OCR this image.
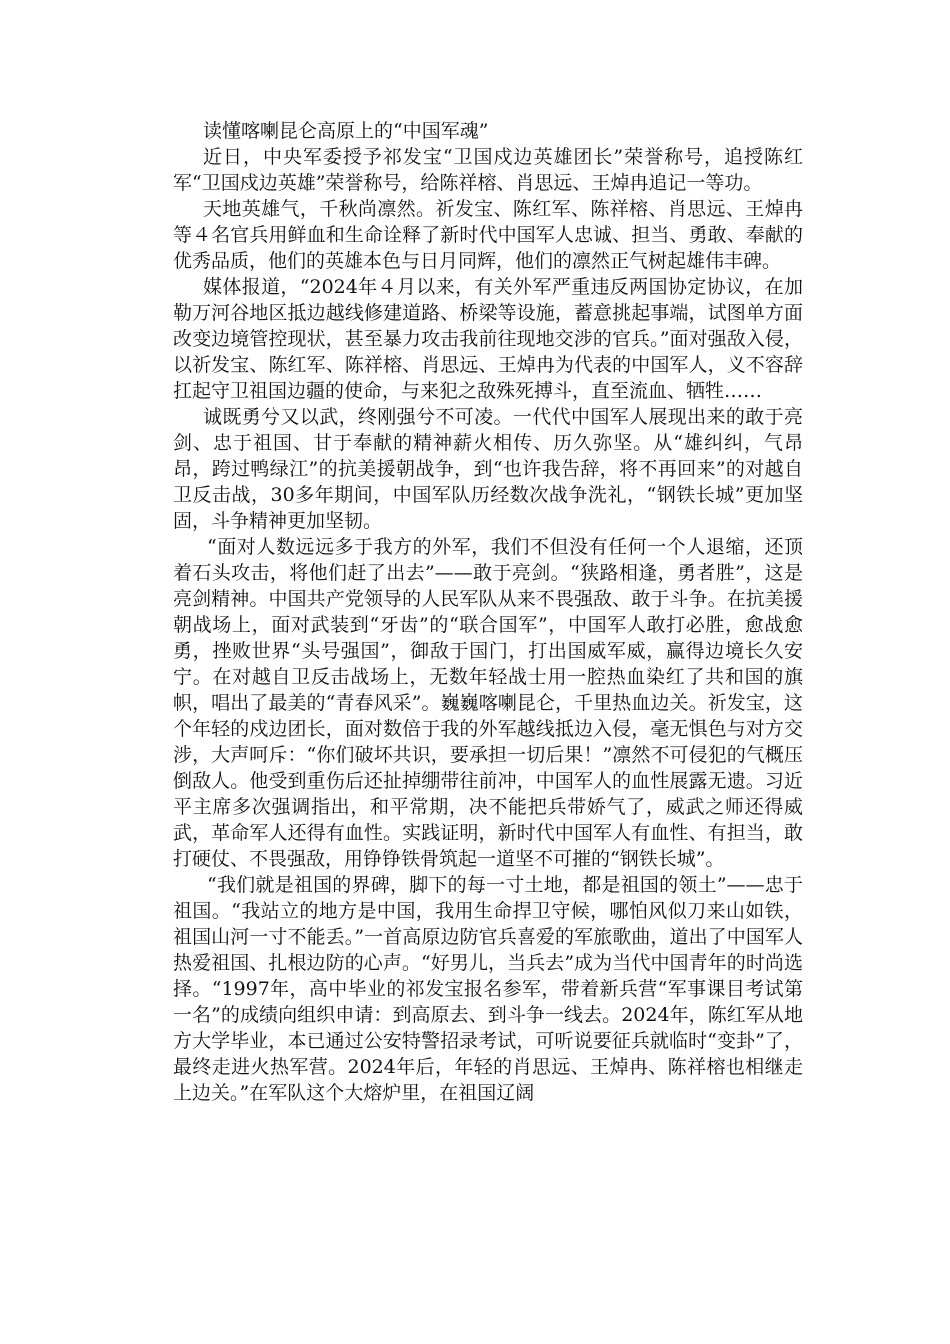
读懂喀喇昆仑高原上的“中国军魂”

近日，中央军委授予祁发宝“卫国戍边英雄团长”荣誉称号，追授陈红军“卫国戍边英雄”荣誉称号，给陈祥榕、肖思远、王焯冉追记一等功。

天地英雄气，千秋尚凛然。祈发宝、陈红军、陈祥榕、肖思远、王焯冉等４名官兵用鲜血和生命诠释了新时代中国军人忠诚、担当、勇敢、奉献的优秀品质，他们的英雄本色与日月同辉，他们的凛然正气树起雄伟丰碑。

媒体报道，“2024年４月以来，有关外军严重违反两国协定协议，在加勒万河谷地区抵边越线修建道路、桥梁等设施，蓄意挑起事端，试图单方面改变边境管控现状，甚至暴力攻击我前往现地交涉的官兵。”面对强敌入侵，以祈发宝、陈红军、陈祥榕、肖思远、王焯冉为代表的中国军人，义不容辞扛起守卫祖国边疆的使命，与来犯之敌殊死搏斗，直至流血、牺牲……

诚既勇兮又以武，终刚强兮不可凌。一代代中国军人展现出来的敢于亮剑、忠于祖国、甘于奉献的精神薪火相传、历久弥坚。从“雄纠纠，气昂昂，跨过鸭绿江”的抗美援朝战争，到“也许我告辞，将不再回来”的对越自卫反击战，30多年期间，中国军队历经数次战争洗礼，“钢铁长城”更加坚固，斗争精神更加坚韧。

“面对人数远远多于我方的外军，我们不但没有任何一个人退缩，还顶着石头攻击，将他们赶了出去”——敢于亮剑。“狭路相逢，勇者胜”，这是亮剑精神。中国共产党领导的人民军队从来不畏强敌、敢于斗争。在抗美援朝战场上，面对武装到“牙齿”的“联合国军”，中国军人敢打必胜，愈战愈勇，挫败世界“头号强国”，御敌于国门，打出国威军威，赢得边境长久安宁。在对越自卫反击战场上，无数年轻战士用一腔热血染红了共和国的旗帜，唱出了最美的“青春风采”。巍巍喀喇昆仑，千里热血边关。祈发宝，这个年轻的戍边团长，面对数倍于我的外军越线抵边入侵，毫无惧色与对方交涉，大声呵斥：“你们破坏共识，要承担一切后果！”凛然不可侵犯的气概压倒敌人。他受到重伤后还扯掉绷带往前冲，中国军人的血性展露无遗。习近平主席多次强调指出，和平常期，决不能把兵带娇气了，威武之师还得威武，革命军人还得有血性。实践证明，新时代中国军人有血性、有担当，敢打硬仗、不畏强敌，用铮铮铁骨筑起一道坚不可摧的“钢铁长城”。

“我们就是祖国的界碑，脚下的每一寸土地，都是祖国的领土”——忠于祖国。“我站立的地方是中国，我用生命捍卫守候，哪怕风似刀来山如铁，祖国山河一寸不能丢。”一首高原边防官兵喜爱的军旅歌曲，道出了中国军人热爱祖国、扎根边防的心声。“好男儿，当兵去”成为当代中国青年的时尚选择。“1997年，高中毕业的祁发宝报名参军，带着新兵营“军事课目考试第一名”的成绩向组织申请：到高原去、到斗争一线去。2024年，陈红军从地方大学毕业，本已通过公安特警招录考试，可听说要征兵就临时“变卦”了，最终走进火热军营。2024年后，年轻的肖思远、王焯冉、陈祥榕也相继走上边关。”在军队这个大熔炉里，在祖国辽阔
